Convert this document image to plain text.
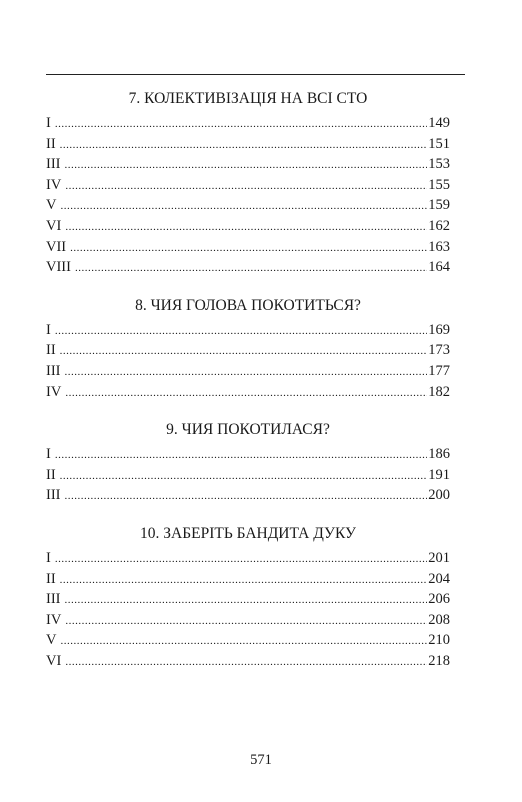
7. КОЛЕКТИВІЗАЦІЯ НА ВСІ СТО
I .....	149
II .....	151
III .....	153
IV .....	155
V .....	159
VI .....	162
VII .....	163
VIII .....	164
8. ЧИЯ ГОЛОВА ПОКОТИТЬСЯ?
I .....	169
II .....	173
III .....	177
IV .....	182
9. ЧИЯ ПОКОТИЛАСЯ?
I .....	186
II .....	191
III .....	200
10. ЗАБЕРІТЬ БАНДИТА ДУКУ
I .....	201
II .....	204
III .....	206
IV .....	208
V .....	210
VI .....	218
571
